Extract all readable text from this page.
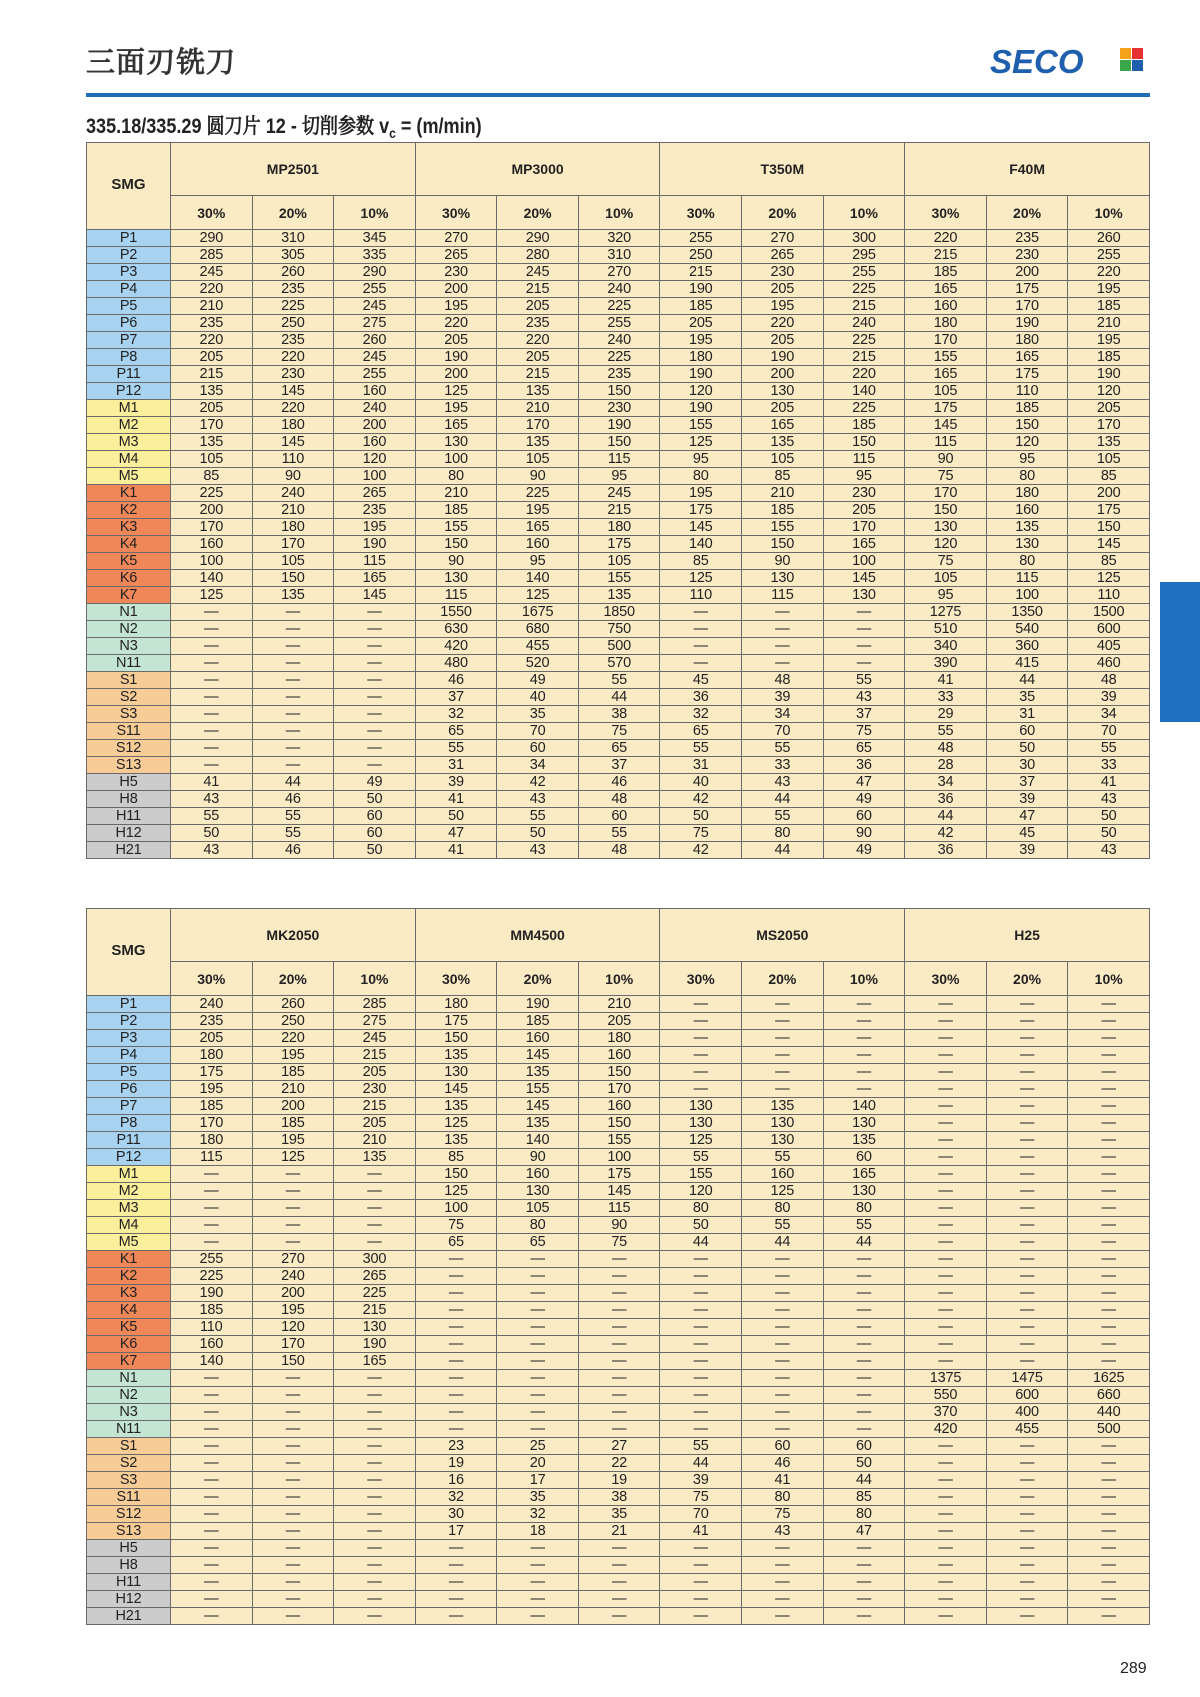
三面刃铣刀	SECO
335.18/335.29 圆刀片 12 - 切削参数 $v_c = (m/\min)$
SMG	MP2501			MP3000			T350M			F40M		
	30%	20%	10%	30%	20%	10%	30%	20%	10%	30%	20%	10%
P1	290	310	345	270	290	320	255	270	300	220	235	260
P2	285	305	335	265	280	310	250	265	295	215	230	255
P3	245	260	290	230	245	270	215	230	255	185	200	220
P4	220	235	255	200	215	240	190	205	225	165	175	195
P5	210	225	245	195	205	225	185	195	215	160	170	185
P6	235	250	275	220	235	255	205	220	240	180	190	210
P7	220	235	260	205	220	240	195	205	225	170	180	195
P8	205	220	245	190	205	225	180	190	215	155	165	185
P11	215	230	255	200	215	235	190	200	220	165	175	190
P12	135	145	160	125	135	150	120	130	140	105	110	120
M1	205	220	240	195	210	230	190	205	225	175	185	205
M2	170	180	200	165	170	190	155	165	185	145	150	170
M3	135	145	160	130	135	150	125	135	150	115	120	135
M4	105	110	120	100	105	115	95	105	115	90	95	105
M5	85	90	100	80	90	95	80	85	95	75	80	85
K1	225	240	265	210	225	245	195	210	230	170	180	200
K2	200	210	235	185	195	215	175	185	205	150	160	175
K3	170	180	195	155	165	180	145	155	170	130	135	150
K4	160	170	190	150	160	175	140	150	165	120	130	145
K5	100	105	115	90	95	105	85	90	100	75	80	85
K6	140	150	165	130	140	155	125	130	145	105	115	125
K7	125	135	145	115	125	135	110	115	130	95	100	110
N1	—	—	—	1550	1675	1850	—	—	—	1275	1350	1500
N2	—	—	—	630	680	750	—	—	—	510	540	600
N3	—	—	—	420	455	500	—	—	—	340	360	405
N11	—	—	—	480	520	570	—	—	—	390	415	460
S1	—	—	—	46	49	55	45	48	55	41	44	48
S2	—	—	—	37	40	44	36	39	43	33	35	39
S3	—	—	—	32	35	38	32	34	37	29	31	34
S11	—	—	—	65	70	75	65	70	75	55	60	70
S12	—	—	—	55	60	65	55	55	65	48	50	55
S13	—	—	—	31	34	37	31	33	36	28	30	33
H5	41	44	49	39	42	46	40	43	47	34	37	41
H8	43	46	50	41	43	48	42	44	49	36	39	43
H11	55	55	60	50	55	60	50	55	60	44	47	50
H12	50	55	60	47	50	55	75	80	90	42	45	50
H21	43	46	50	41	43	48	42	44	49	36	39	43
SMG	MK2050			MM4500			MS2050			H25		
	30%	20%	10%	30%	20%	10%	30%	20%	10%	30%	20%	10%
P1	240	260	285	180	190	210	—	—	—	—	—	—
P2	235	250	275	175	185	205	—	—	—	—	—	—
P3	205	220	245	150	160	180	—	—	—	—	—	—
P4	180	195	215	135	145	160	—	—	—	—	—	—
P5	175	185	205	130	135	150	—	—	—	—	—	—
P6	195	210	230	145	155	170	—	—	—	—	—	—
P7	185	200	215	135	145	160	130	135	140	—	—	—
P8	170	185	205	125	135	150	130	130	130	—	—	—
P11	180	195	210	135	140	155	125	130	135	—	—	—
P12	115	125	135	85	90	100	55	55	60	—	—	—
M1	—	—	—	150	160	175	155	160	165	—	—	—
M2	—	—	—	125	130	145	120	125	130	—	—	—
M3	—	—	—	100	105	115	80	80	80	—	—	—
M4	—	—	—	75	80	90	50	55	55	—	—	—
M5	—	—	—	65	65	75	44	44	44	—	—	—
K1	255	270	300	—	—	—	—	—	—	—	—	—
K2	225	240	265	—	—	—	—	—	—	—	—	—
K3	190	200	225	—	—	—	—	—	—	—	—	—
K4	185	195	215	—	—	—	—	—	—	—	—	—
K5	110	120	130	—	—	—	—	—	—	—	—	—
K6	160	170	190	—	—	—	—	—	—	—	—	—
K7	140	150	165	—	—	—	—	—	—	—	—	—
N1	—	—	—	—	—	—	—	—	—	1375	1475	1625
N2	—	—	—	—	—	—	—	—	—	550	600	660
N3	—	—	—	—	—	—	—	—	—	370	400	440
N11	—	—	—	—	—	—	—	—	—	420	455	500
S1	—	—	—	23	25	27	55	60	60	—	—	—
S2	—	—	—	19	20	22	44	46	50	—	—	—
S3	—	—	—	16	17	19	39	41	44	—	—	—
S11	—	—	—	32	35	38	75	80	85	—	—	—
S12	—	—	—	30	32	35	70	75	80	—	—	—
S13	—	—	—	17	18	21	41	43	47	—	—	—
H5	—	—	—	—	—	—	—	—	—	—	—	—
H8	—	—	—	—	—	—	—	—	—	—	—	—
H11	—	—	—	—	—	—	—	—	—	—	—	—
H12	—	—	—	—	—	—	—	—	—	—	—	—
H21	—	—	—	—	—	—	—	—	—	—	—	—
289
